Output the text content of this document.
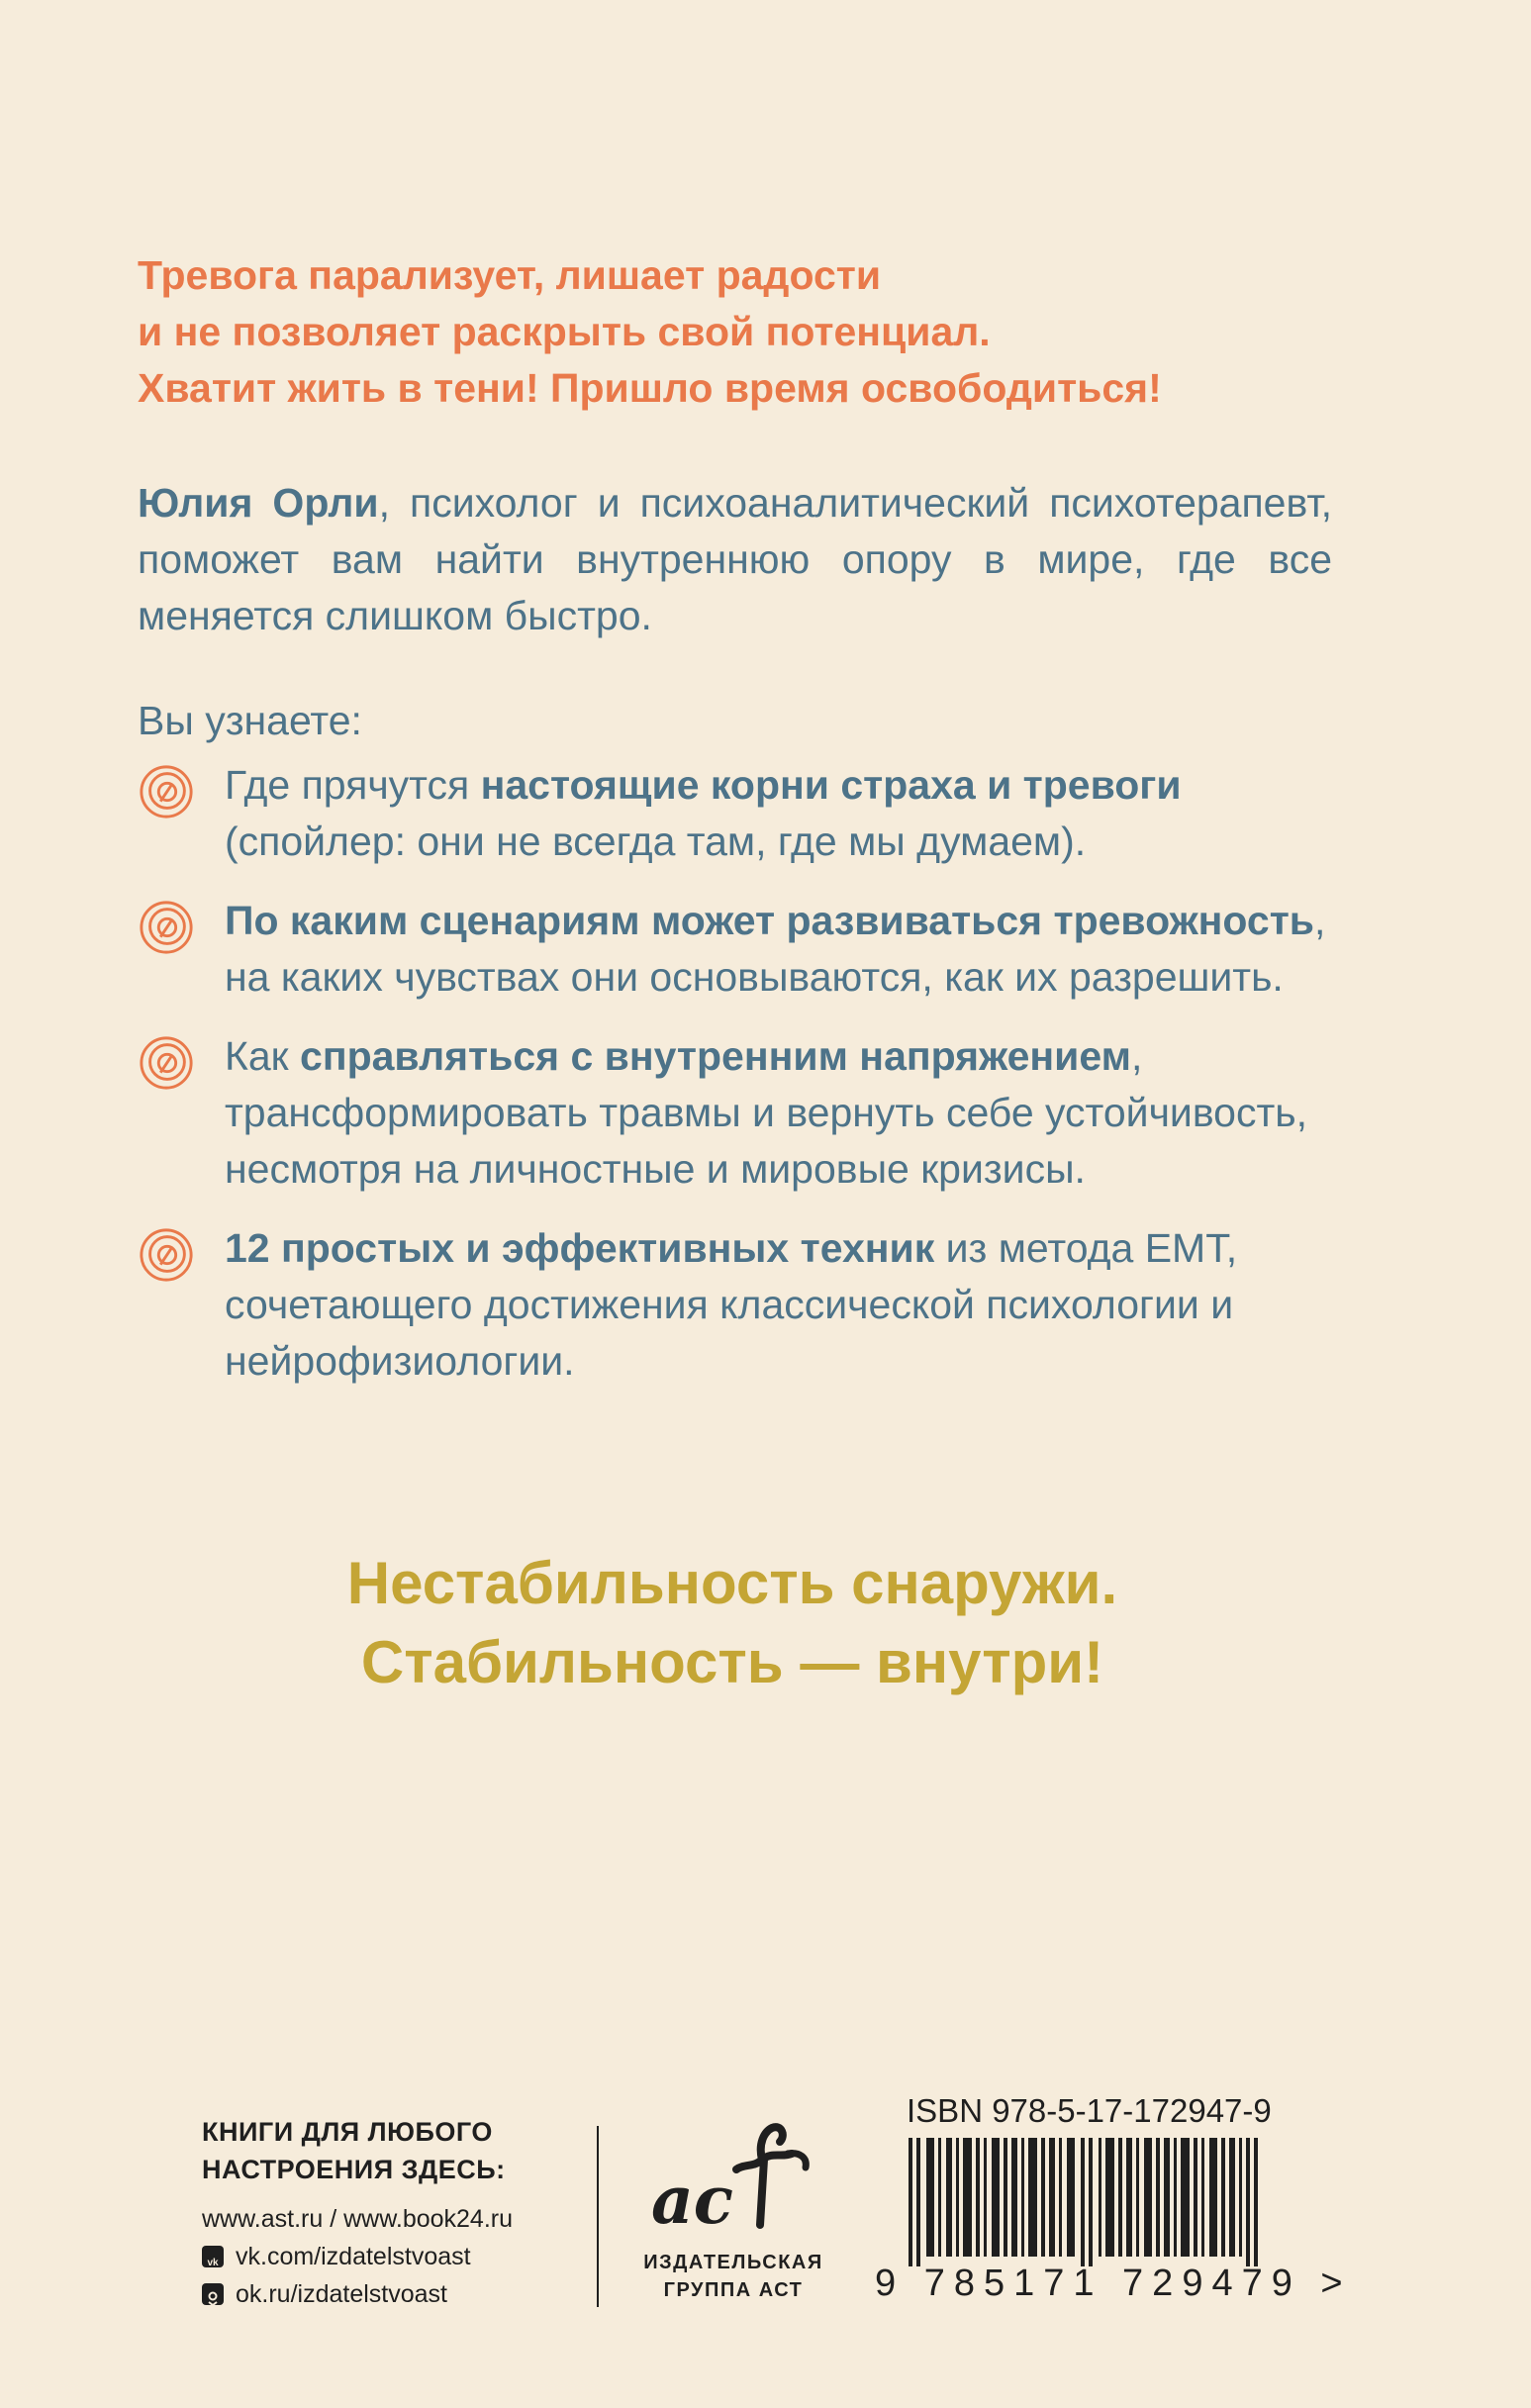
Тревога парализует, лишает радости
и не позволяет раскрыть свой потенциал.
Хватит жить в тени! Пришло время освободиться!
Юлия Орли, психолог и психоаналитический психотерапевт, поможет вам найти внутреннюю опору в мире, где все меняется слишком быстро.
Вы узнаете:
Где прячутся настоящие корни страха и тревоги (спойлер: они не всегда там, где мы думаем).
По каким сценариям может развиваться тревожность, на каких чувствах они основываются, как их разрешить.
Как справляться с внутренним напряжением, трансформировать травмы и вернуть себе устойчивость, несмотря на личностные и мировые кризисы.
12 простых и эффективных техник из метода ЕМТ, сочетающего достижения классической психологии и нейрофизиологии.
Нестабильность снаружи.
Стабильность — внутри!
КНИГИ ДЛЯ ЛЮБОГО
НАСТРОЕНИЯ ЗДЕСЬ:
www.ast.ru / www.book24.ru
vk vk.com/izdatelstvoast
ok.ru/izdatelstvoast
ac
ИЗДАТЕЛЬСКАЯ
ГРУППА АСТ
ISBN 978-5-17-172947-9
9 785171 729479 >
